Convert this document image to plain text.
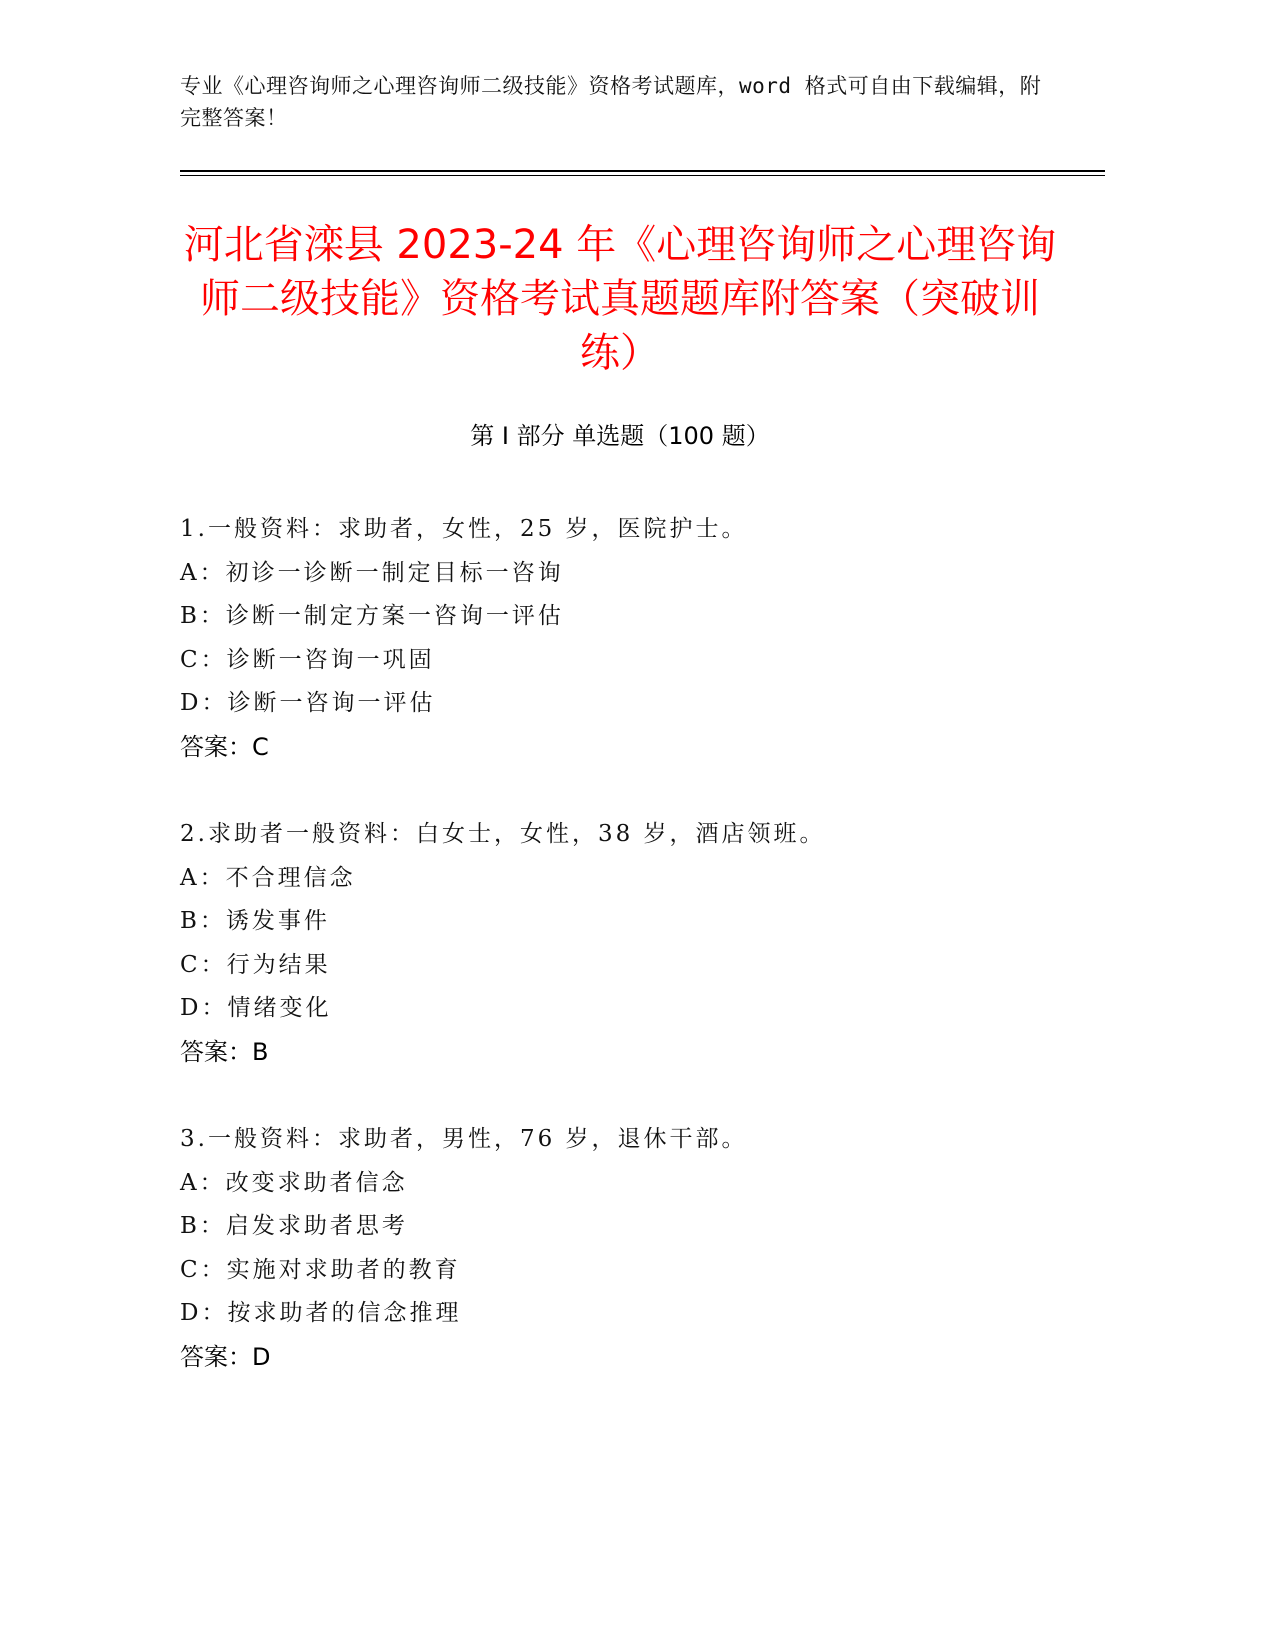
专业《心理咨询师之心理咨询师二级技能》资格考试题库，word 格式可自由下载编辑，附完整答案！
河北省滦县 2023-24 年《心理咨询师之心理咨询师二级技能》资格考试真题题库附答案（突破训练）
第 I 部分 单选题（100 题）
1.一般资料：求助者，女性，25 岁，医院护士。
A：初诊一诊断一制定目标一咨询
B：诊断一制定方案一咨询一评估
C：诊断一咨询一巩固
D：诊断一咨询一评估
答案：C
2.求助者一般资料：白女士，女性，38 岁，酒店领班。
A：不合理信念
B：诱发事件
C：行为结果
D：情绪变化
答案：B
3.一般资料：求助者，男性，76 岁，退休干部。
A：改变求助者信念
B：启发求助者思考
C：实施对求助者的教育
D：按求助者的信念推理
答案：D
